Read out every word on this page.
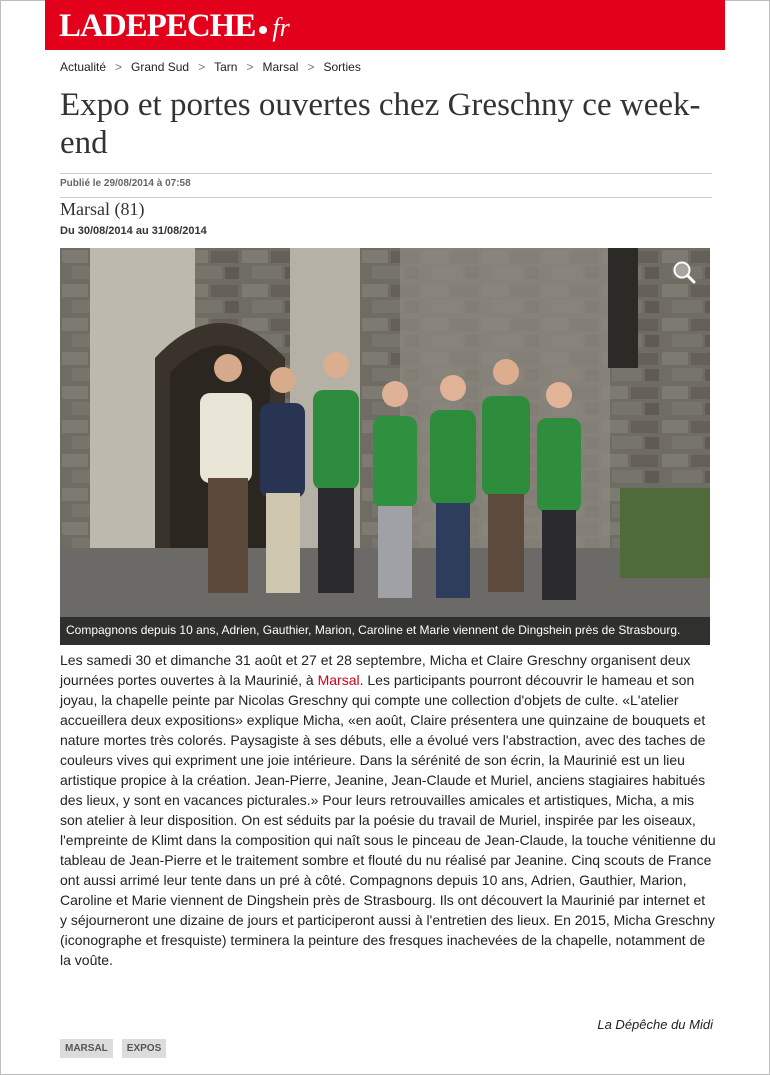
LADEPECHE fr
Actualité > Grand Sud > Tarn > Marsal > Sorties
Expo et portes ouvertes chez Greschny ce week-end
Publié le 29/08/2014 à 07:58
Marsal (81)
Du 30/08/2014 au 31/08/2014
Compagnons depuis 10 ans, Adrien, Gauthier, Marion, Caroline et Marie viennent de Dingshein près de Strasbourg.

Les samedi 30 et dimanche 31 août et 27 et 28 septembre, Micha et Claire Greschny organisent deux journées portes ouvertes à la Maurinié, à Marsal. Les participants pourront découvrir le hameau et son joyau, la chapelle peinte par Nicolas Greschny qui compte une collection d'objets de culte. «L'atelier accueillera deux expositions» explique Micha, «en août, Claire présentera une quinzaine de bouquets et nature mortes très colorés. Paysagiste à ses débuts, elle a évolué vers l'abstraction, avec des taches de couleurs vives qui expriment une joie intérieure. Dans la sérénité de son écrin, la Maurinié est un lieu artistique propice à la création. Jean-Pierre, Jeanine, Jean-Claude et Muriel, anciens stagiaires habitués des lieux, y sont en vacances picturales.» Pour leurs retrouvailles amicales et artistiques, Micha, a mis son atelier à leur disposition. On est séduits par la poésie du travail de Muriel, inspirée par les oiseaux, l'empreinte de Klimt dans la composition qui naît sous le pinceau de Jean-Claude, la touche vénitienne du tableau de Jean-Pierre et le traitement sombre et flouté du nu réalisé par Jeanine. Cinq scouts de France ont aussi arrimé leur tente dans un pré à côté. Compagnons depuis 10 ans, Adrien, Gauthier, Marion, Caroline et Marie viennent de Dingshein près de Strasbourg. Ils ont découvert la Maurinié par internet et y séjourneront une dizaine de jours et participeront aussi à l'entretien des lieux. En 2015, Micha Greschny (iconographe et fresquiste) terminera la peinture des fresques inachevées de la chapelle, notamment de la voûte.

La Dépêche du Midi
MARSAL EXPOS
